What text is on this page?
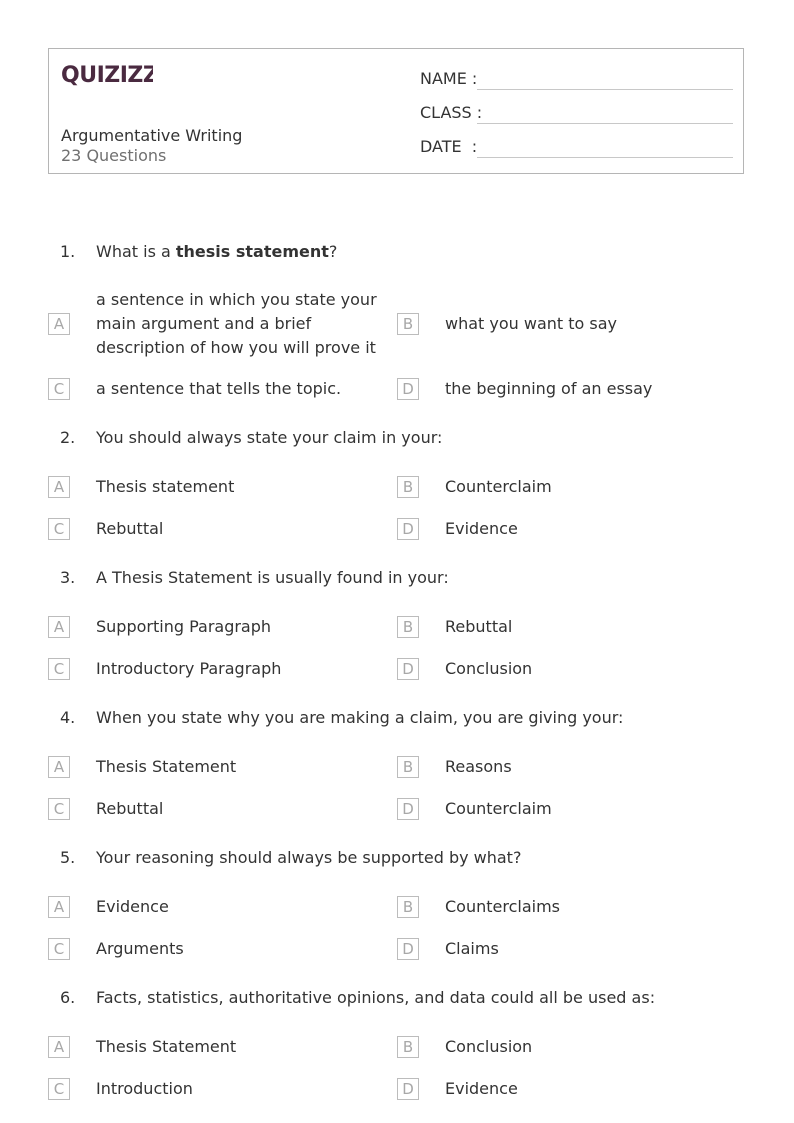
QUIZIZZ
Argumentative Writing
23 Questions
NAME :
CLASS :
DATE  :
1. What is a thesis statement?
A
a sentence in which you state your main argument and a brief description of how you will prove it
B	what you want to say
C	a sentence that tells the topic.	D	the beginning of an essay
2. You should always state your claim in your:
A	Thesis statement	B	Counterclaim
C	Rebuttal	D	Evidence
3. A Thesis Statement is usually found in your:
A	Supporting Paragraph	B	Rebuttal
C	Introductory Paragraph	D	Conclusion
4. When you state why you are making a claim, you are giving your:
A	Thesis Statement	B	Reasons
C	Rebuttal	D	Counterclaim
5. Your reasoning should always be supported by what?
A	Evidence	B	Counterclaims
C	Arguments	D	Claims
6. Facts, statistics, authoritative opinions, and data could all be used as:
A	Thesis Statement	B	Conclusion
C	Introduction	D	Evidence
